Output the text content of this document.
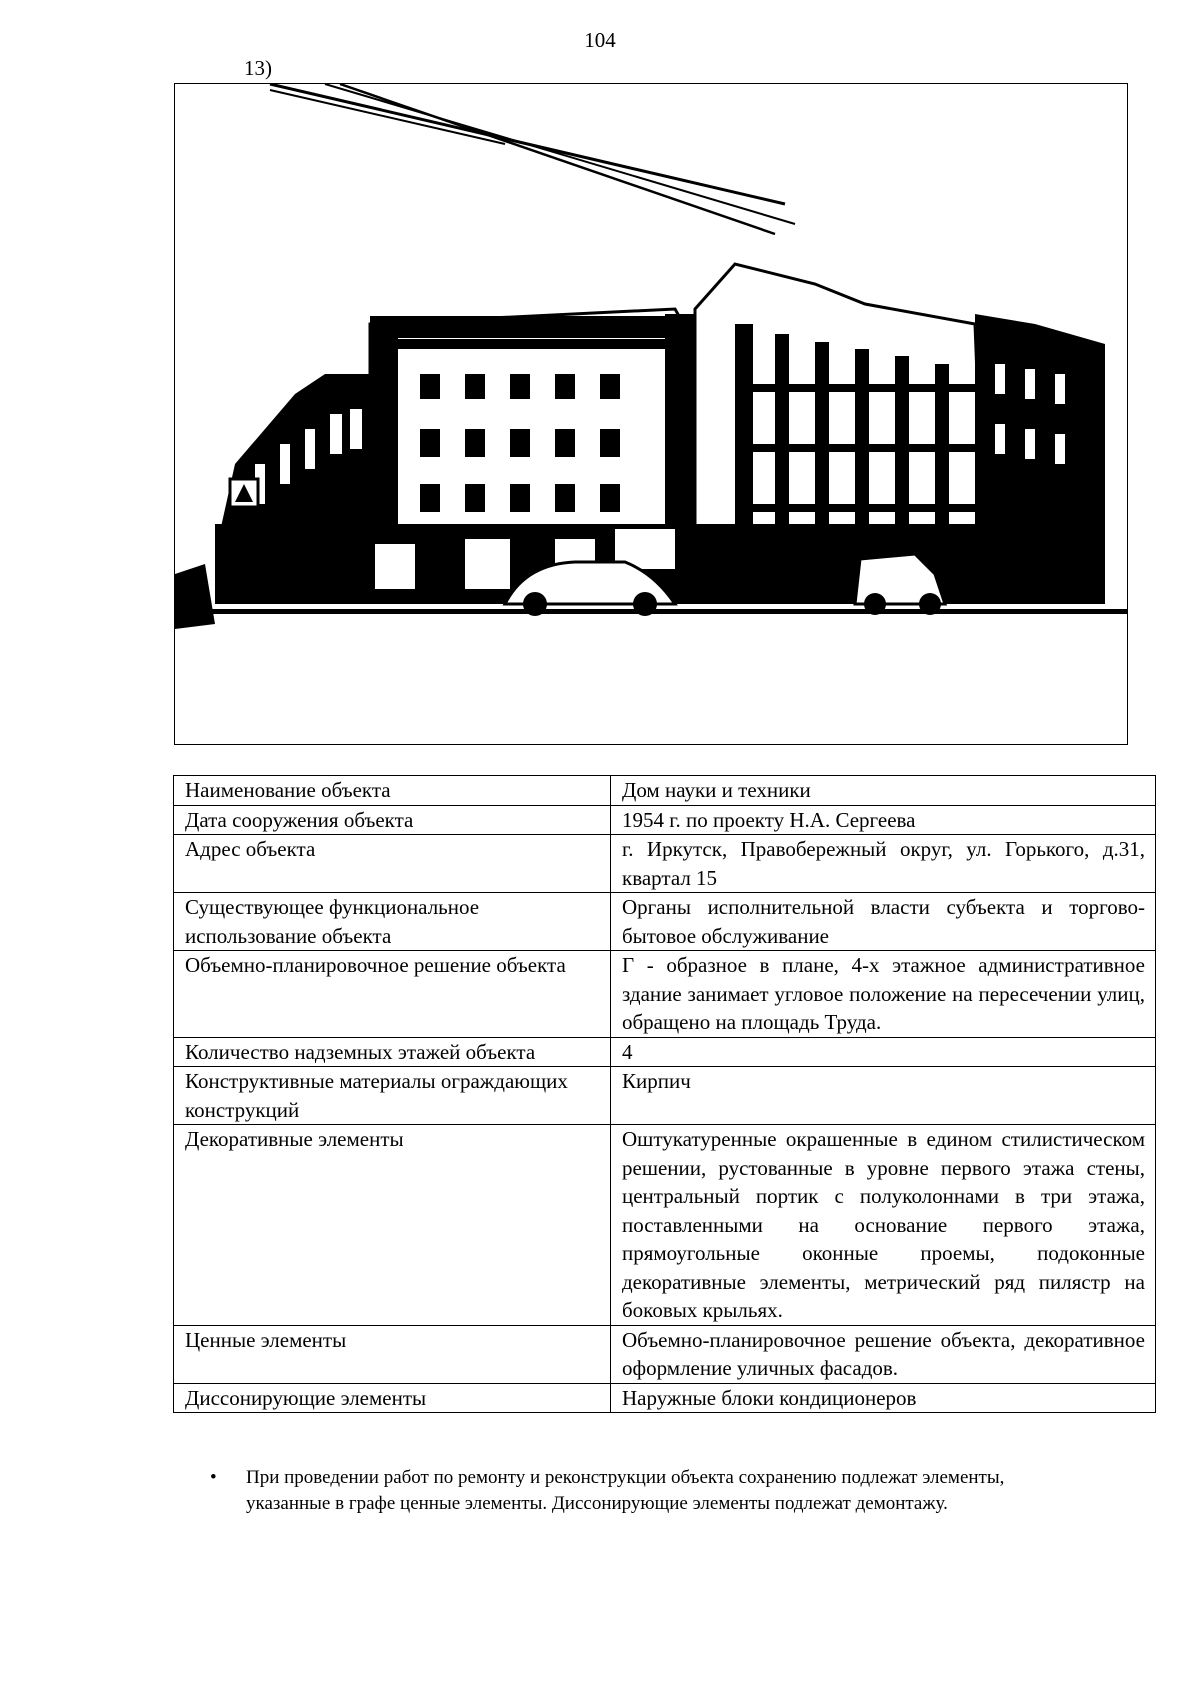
104
13)
Наименование объекта	Дом науки и техники
Дата сооружения объекта	1954 г. по проекту Н.А. Сергеева
Адрес объекта	г. Иркутск, Правобережный округ, ул. Горького, д.31, квартал 15
Существующее функциональное использование объекта	Органы исполнительной власти субъекта и торгово-бытовое обслуживание
Объемно-планировочное решение объекта	Г - образное в плане, 4-х этажное административное здание занимает угловое положение на пересечении улиц, обращено на площадь Труда.
Количество надземных этажей объекта	4
Конструктивные материалы ограждающих конструкций	Кирпич
Декоративные элементы	Оштукатуренные окрашенные в едином стилистическом решении, рустованные в уровне первого этажа стены, центральный портик с полуколоннами в три этажа, поставленными на основание первого этажа, прямоугольные оконные проемы, подоконные декоративные элементы, метрический ряд пилястр на боковых крыльях.
Ценные элементы	Объемно-планировочное решение объекта, декоративное оформление уличных фасадов.
Диссонирующие элементы	Наружные блоки кондиционеров
• При проведении работ по ремонту и реконструкции объекта сохранению подлежат элементы, указанные в графе ценные элементы. Диссонирующие элементы подлежат демонтажу.
